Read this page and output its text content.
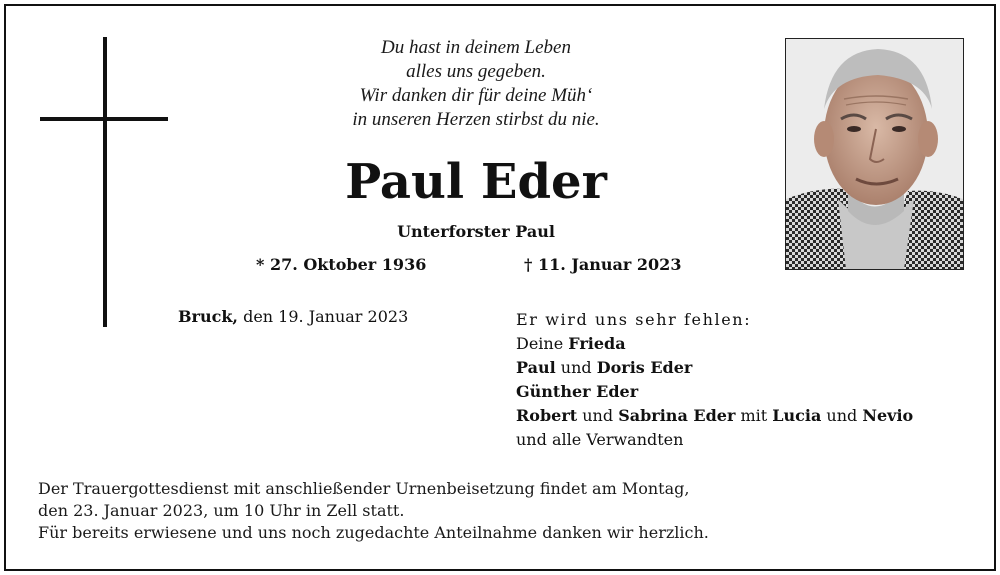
Du hast in deinem Leben
alles uns gegeben.
Wir danken dir für deine Müh‘
in unseren Herzen stirbst du nie.
Paul Eder
Unterforster Paul
* 27. Oktober 1936	† 11. Januar 2023
Bruck, den 19. Januar 2023	Er wird uns sehr fehlen:
Deine Frieda
Paul und Doris Eder
Günther Eder
Robert und Sabrina Eder mit Lucia und Nevio
und alle Verwandten
Der Trauergottesdienst mit anschließender Urnenbeisetzung findet am Montag,
den 23. Januar 2023, um 10 Uhr in Zell statt.
Für bereits erwiesene und uns noch zugedachte Anteilnahme danken wir herzlich.
